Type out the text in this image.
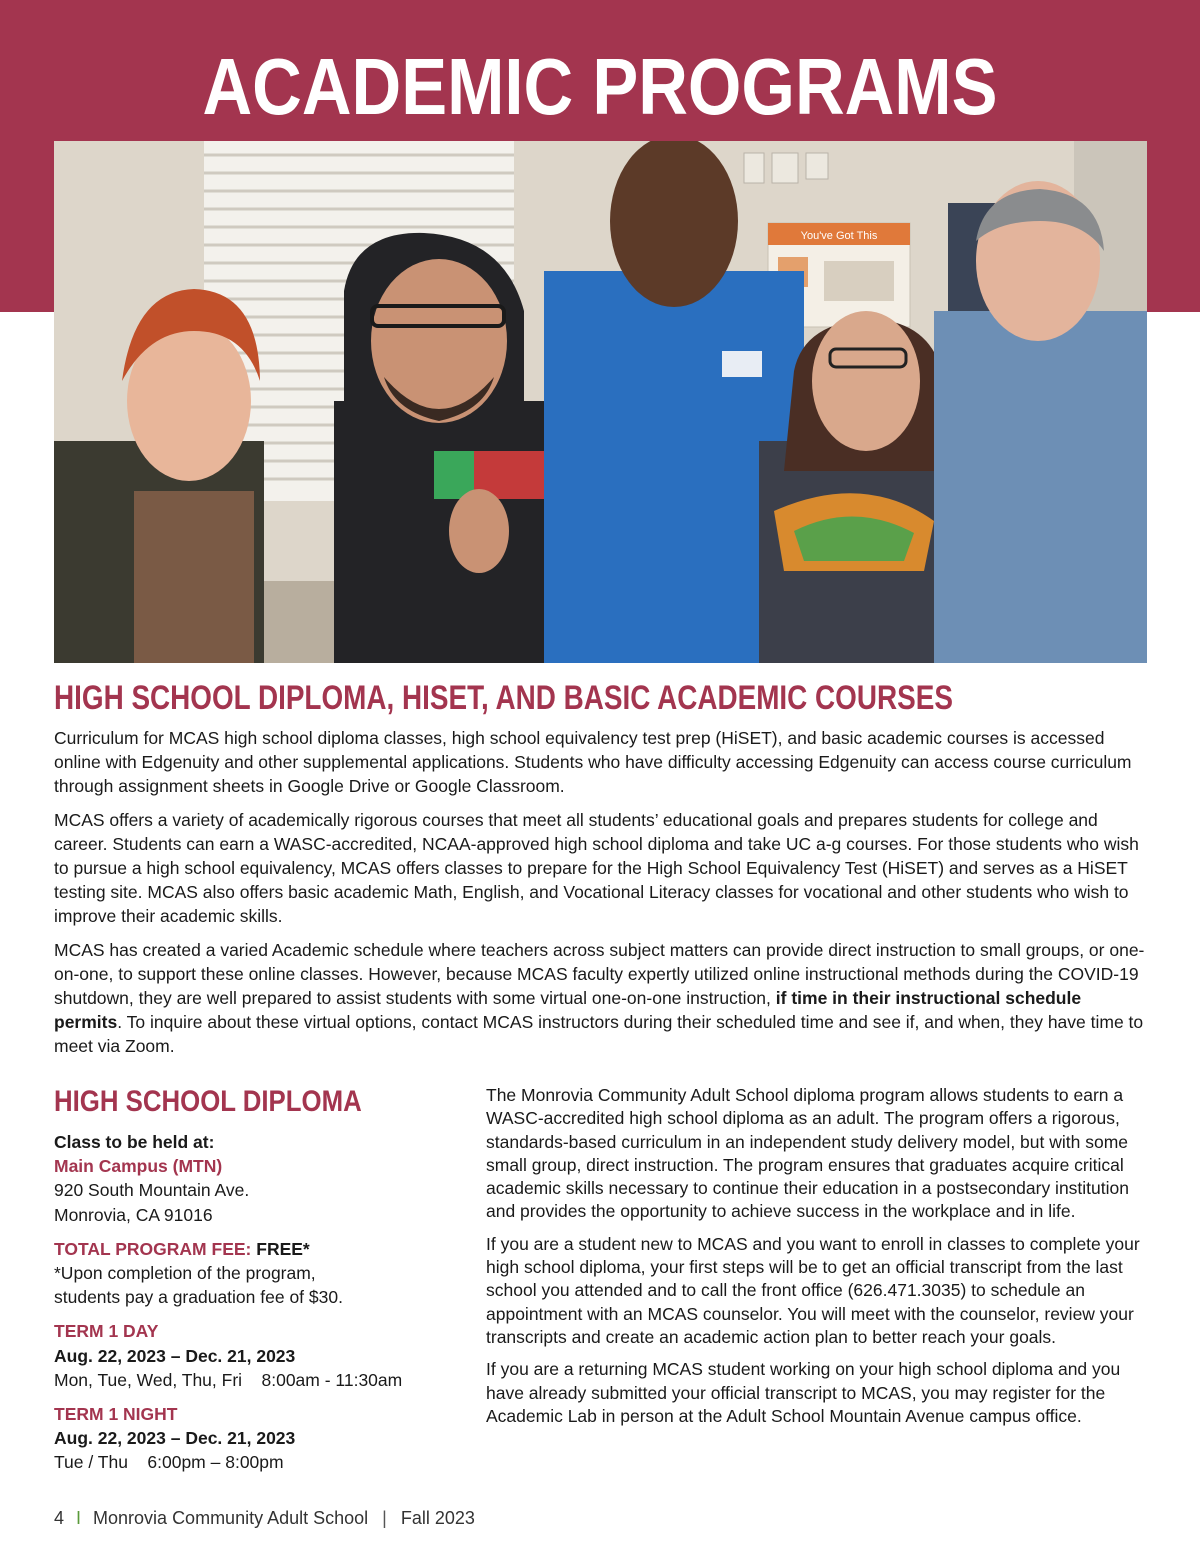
ACADEMIC PROGRAMS
You've Got This
HIGH SCHOOL DIPLOMA, HISET, AND BASIC ACADEMIC COURSES

Curriculum for MCAS high school diploma classes, high school equivalency test prep (HiSET), and basic academic courses is accessed online with Edgenuity and other supplemental applications. Students who have difficulty accessing Edgenuity can access course curriculum through assignment sheets in Google Drive or Google Classroom.

MCAS offers a variety of academically rigorous courses that meet all students’ educational goals and prepares students for college and career. Students can earn a WASC-accredited, NCAA-approved high school diploma and take UC a-g courses. For those students who wish to pursue a high school equivalency, MCAS offers classes to prepare for the High School Equivalency Test (HiSET) and serves as a HiSET testing site. MCAS also offers basic academic Math, English, and Vocational Literacy classes for vocational and other students who wish to improve their academic skills.

MCAS has created a varied Academic schedule where teachers across subject matters can provide direct instruction to small groups, or one-on-one, to support these online classes. However, because MCAS faculty expertly utilized online instructional methods during the COVID-19 shutdown, they are well prepared to assist students with some virtual one-on-one instruction, if time in their instructional schedule permits. To inquire about these virtual options, contact MCAS instructors during their scheduled time and see if, and when, they have time to meet via Zoom.

HIGH SCHOOL DIPLOMA
Class to be held at:
Main Campus (MTN)
920 South Mountain Ave.
Monrovia, CA 91016
TOTAL PROGRAM FEE: FREE*
*Upon completion of the program,
students pay a graduation fee of $30.
TERM 1 DAY
Aug. 22, 2023 – Dec. 21, 2023
Mon, Tue, Wed, Thu, Fri 8:00am - 11:30am
TERM 1 NIGHT
Aug. 22, 2023 – Dec. 21, 2023
Tue / Thu 6:00pm – 8:00pm

The Monrovia Community Adult School diploma program allows students to earn a WASC-accredited high school diploma as an adult. The program offers a rigorous, standards-based curriculum in an independent study delivery model, but with some small group, direct instruction. The program ensures that graduates acquire critical academic skills necessary to continue their education in a postsecondary institution and provides the opportunity to achieve success in the workplace and in life.

If you are a student new to MCAS and you want to enroll in classes to complete your high school diploma, your first steps will be to get an official transcript from the last school you attended and to call the front office (626.471.3035) to schedule an appointment with an MCAS counselor. You will meet with the counselor, review your transcripts and create an academic action plan to better reach your goals.

If you are a returning MCAS student working on your high school diploma and you have already submitted your official transcript to MCAS, you may register for the Academic Lab in person at the Adult School Mountain Avenue campus office.

4 I Monrovia Community Adult School | Fall 2023
